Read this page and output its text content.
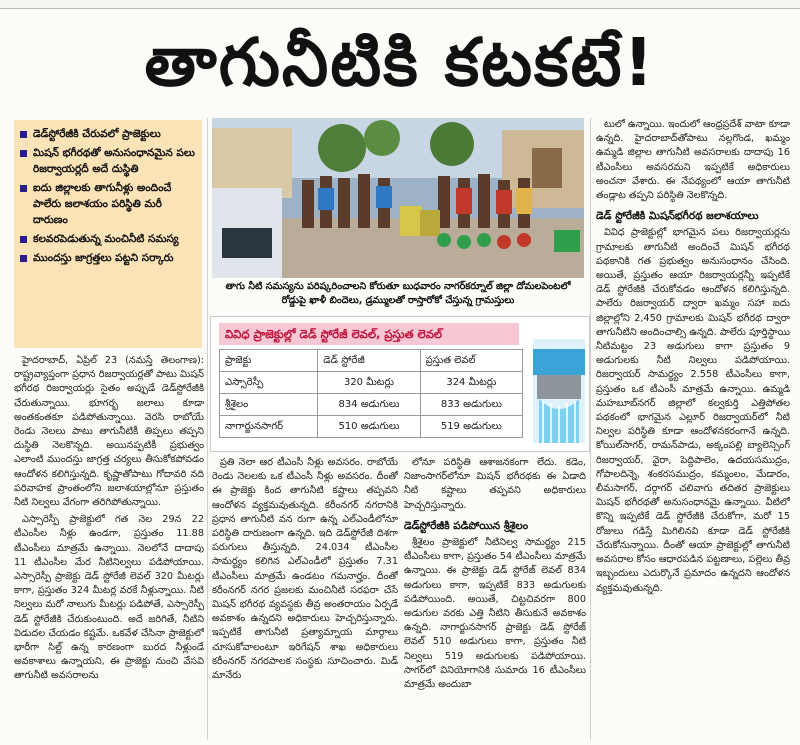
తాగునీటికి కటకటే!
డెడ్‌స్టోరేజీకి చేరువలో ప్రాజెక్టులు
మిషన్‌ భగీరథతో అనుసంధానమైన పలు రిజర్వాయర్లదీ అదే దుస్థితి
ఐదు జిల్లాలకు తాగునీళ్లు అందించే పాలేరు జలాశయం పరిస్థితి మరీ దారుణం
కలవరపెడుతున్న మంచినీటి సమస్య
ముందస్తు జాగ్రత్తలు పట్టని సర్కారు

హైదరాబాద్‌, ఏప్రిల్‌ 23 (నమస్తే తెలంగాణ): రాష్ట్రవ్యాప్తంగా ప్రధాన రిజర్వాయర్లతో పాటు మిషన్‌ భగీరథ రిజర్వాయర్లు సైతం అప్పుడే డెడ్‌స్టోరేజీకి చేరుతున్నాయి. భూగర్భ జలాలు కూడా అంతకంతకూ పడిపోతున్నాయి. వెరసి రాబోయే రెండు నెలలు పాటు తాగునీటికీ తిప్పలు తప్పని దుస్థితి నెలకొన్నది. అయినప్పటికీ ప్రభుత్వం ఎలాంటి ముందస్తు జాగ్రత్త చర్యలు తీసుకోకపోవడం ఆందోళన కలిగిస్తున్నది. కృష్ణాతోపాటు గోదావరి నది పరివాహక ప్రాంతంలోని జలాశయాల్లోనూ ప్రస్తుతం నీటి నిల్వలు వేగంగా తరిగిపోతున్నాయి.

ఎస్సారెస్పీ ప్రాజెక్టులో గత నెల 29న 22 టీఎంసీల నీళ్లు ఉండగా, ప్రస్తుతం 11.88 టీఎంసీలు మాత్రమే ఉన్నాయి. నెలలోనే దాదాపు 11 టీఎంసీల మేర నీటినిల్వలు పడిపోయాయి. ఎస్సారెస్పీ ప్రాజెక్టు డెడ్‌ స్టోరేజీ లెవల్‌ 320 మీటర్లు కాగా, ప్రస్తుతం 324 మీటర్ల వరకే నీళ్లున్నాయి. నీటి నిల్వలు మరో నాలుగు మీటర్లు పడిపోతే, ఎస్సారెస్పీ డెడ్‌ స్టోరేజీకి చేరుకుంటుంది. అదే జరిగితే, నీటిని విడుదల చేయడం కష్టమే. ఒకవేళ చేసినా ప్రాజెక్టులో భారీగా సిల్ట్‌ ఉన్న కారణంగా బురద నీళ్లుండే అవకాశాలు ఉన్నాయని, ఈ ప్రాజెక్టు నుంచి వేసవి తాగునీటి అవసరాలను

తాగు నీటి సమస్యను పరిష్కరించాలని కోరుతూ బుధవారం నాగర్‌కర్నూల్‌ జిల్లా దోమలపెంటలో రోడ్డుపై ఖాళీ బిందెలు, డ్రమ్ములతో రాస్తారోకో చేస్తున్న గ్రామస్తులు
వివిధ ప్రాజెక్టుల్లో డెడ్‌ స్టోరేజీ లెవల్‌, ప్రస్తుత లెవల్‌
ప్రాజెక్టు	డెడ్‌ స్టోరేజీ	ప్రస్తుత లెవల్‌
ఎస్సారెస్పీ	320 మీటర్లు	324 మీటర్లు
శ్రీశైలం	834 అడుగులు	833 అడుగులు
నాగార్జునసాగర్‌	510 అడుగులు	519 అడుగులు

ప్రతి నెలా ఆర టీఎంసీ నీళ్లు అవసరం. రాబోయే రెండు నెలలకు ఒక టీఎంసీ నీళ్లు అవసరం. దీంతో ఈ ప్రాజెక్టు కింద తాగునీటి కష్టాలు తప్పవని ఆందోళన వ్యక్తమవుతున్నది. కరీంనగర్‌ నగరానికి ప్రధాన తాగునీటి వన రుగా ఉన్న ఎల్‌ఎండీలోనూ పరిస్థితి దారుణంగా ఉన్నది. ఇది డెడ్‌స్టోరేజీ దిశగా పరుగులు తీస్తున్నది. 24.034 టీఎంసీల సామర్థ్యం కలిగిన ఎల్‌ఎండీలో ప్రస్తుతం 7.31 టీఎంసీలు మాత్రమే ఉండటం గమనార్హం. దీంతో కరీంనగర్‌ నగర ప్రజలకు మంచినీటి సరఫరా చేసే మిషన్‌ భగీరథ వ్యవస్థకు తీవ్ర అంతరాయం ఏర్పడే అవకాశం ఉన్నదని అధికారులు హెచ్చరిస్తున్నారు. ఇప్పటికే తాగునీటి ప్రత్యామ్నాయ మార్గాలు చూసుకోవాలంటూ ఇరిగేషన్‌ శాఖ అధికారులు కరీంనగర్‌ నగరపాలక సంస్థకు సూచించారు. మిడ్‌ మానేరు

లోనూ పరిస్థితి ఆశాజనకంగా లేదు. కడెం, నిజాంసాగర్‌లోనూ మిషన్‌ భగీరథకు ఈ ఏడాది నీటి కష్టాలు తప్పవని అధికారులు హెచ్చరిస్తున్నారు.

డెడ్‌స్టోరేజీకి పడిపోయిన శ్రీశైలం

శ్రీశైలం ప్రాజెక్టులో నీటినిల్వ సామర్థ్యం 215 టీఎంసీలు కాగా, ప్రస్తుతం 54 టీఎంసీలు మాత్రమే ఉన్నాయి. ఈ ప్రాజెక్టు డెడ్‌ స్టోరేజ్‌ లెవల్‌ 834 అడుగులు కాగా, ఇప్పటికే 833 అడుగులకు పడిపోయింది. అయితే, చిట్టచివరగా 800 అడుగుల వరకు ఎత్తి నీటిని తీసుకునే అవకాశం ఉన్నది. నాగార్జునసాగర్‌ ప్రాజెక్టు డెడ్‌ స్టోరేజ్‌ లెవల్‌ 510 అడుగులు కాగా, ప్రస్తుతం నీటి నిల్వలు 519 అడుగులకు పడిపోయాయి. సాగర్‌లో వినియోగానికి సుమారు 16 టీఎంసీలు మాత్రమే అందుబా

టులో ఉన్నాయి. ఇందులో ఆంధ్రప్రదేశ్‌ వాటా కూడా ఉన్నది. హైదరాబాద్‌తోపాటు నల్లగొండ, ఖమ్మం ఉమ్మడి జిల్లాల తాగునీటి అవసరాలకు దాదాపు 16 టీఎంసీలు అవసరమని ఇప్పటికే అధికారులు అంచనా వేశారు. ఈ నేపథ్యంలో ఆయా తాగునీటి తండ్లాట తప్పని పరిస్థితి నెలకొన్నది.

డెడ్‌ స్టోరేజీకి మిషన్‌భగీరథ జలాశయాలు

వివిధ ప్రాజెక్టుల్లో భాగమైన పలు రిజర్వాయర్లను గ్రామాలకు తాగునీటి అందించే మిషన్‌ భగీరథ పథకానికి గత ప్రభుత్వం అనుసంధానం చేసింది. అయితే, ప్రస్తుతం ఆయా రిజర్వాయర్లన్నీ ఇప్పటికే డెడ్‌ స్టోరేజీకి చేరుకోవడం ఆందోళన కలిగిస్తున్నది. పాలేరు రిజర్వాయర్‌ ద్వారా ఖమ్మం సహా ఐదు జిల్లాల్లోని 2,450 గ్రామాలకు మిషన్‌ భగీరథ ద్వారా తాగునీటిని అందించాల్సి ఉన్నది. పాలేరు పూర్తిస్థాయి నీటిమట్టం 23 అడుగులు కాగా ప్రస్తుతం 9 అడుగులకు నీటి నిల్వలు పడిపోయాయి. రిజర్వాయర్‌ సామర్థ్యం 2.558 టీఎంసీలు కాగా, ప్రస్తుతం ఒక టీఎంసీ మాత్రమే ఉన్నాయి. ఉమ్మడి మహబూబ్‌నగర్‌ జిల్లాలో కల్వకుర్తి ఎత్తిపోతల పథకంలో భాగమైన ఎల్లూర్‌ రిజర్వాయర్‌లో నీటి నిల్వల పరిస్థితి కూడా ఆందోళనకరంగానే ఉన్నది. కోయిల్‌సాగర్‌, రామన్‌పాడు, అక్కంపల్లి బ్యాలెన్సింగ్‌ రిజర్వాయర్‌, వైరా, పెద్దిపాలెం, ఉదయసముద్రం, గోపాలదిన్నె, శంకరసముద్రం, కమ్మంలం, మేడారం, లీమసాగర్‌, దర్గాగర్‌ చలివాగు తదితర ప్రాజెక్టులు మిషన్‌ భగీరథతో అనుసంధానమై ఉన్నాయి. వీటిలో కొన్ని ఇప్పటికే డెడ్‌ స్టోరేజీకి చేరుకోగా, మరో 15 రోజులు గడిస్తే మిగిలినవి కూడా డెడ్‌ స్టోరేజీకి చేరుకోనున్నాయి. దీంతో ఆయా ప్రాజెక్టుల్లో తాగునీటి అవసరాల కోసం ఆధారపడిన పట్టణాలు, పల్లెలు తీవ్ర ఇబ్బందులు ఎదుర్కొనే ప్రమాదం ఉన్నదని ఆందోళన వ్యక్తమవుతున్నది.
